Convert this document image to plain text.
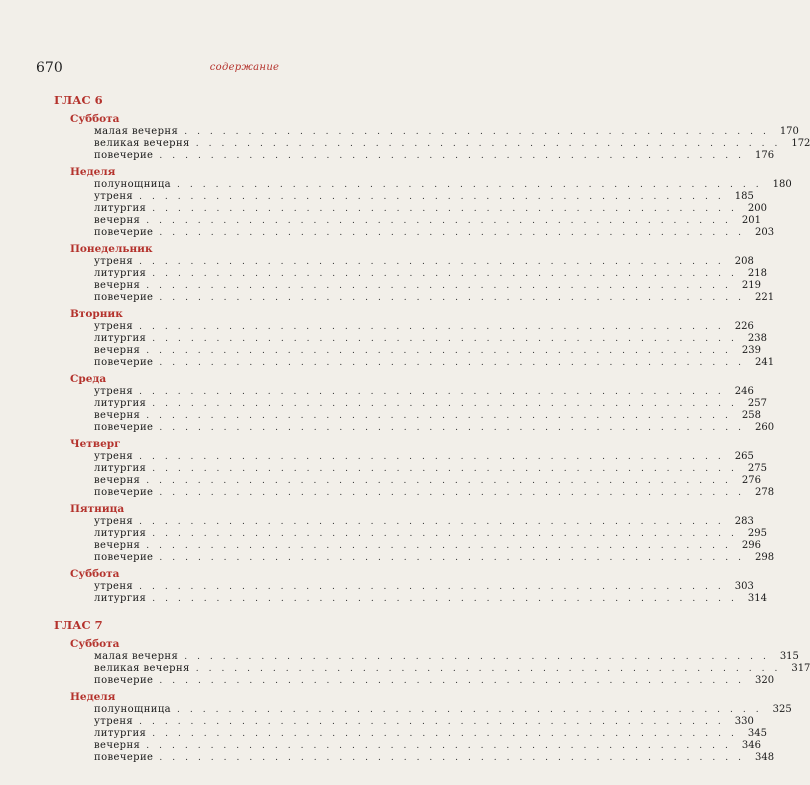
670	содержание
ГЛАС 6
Суббота
малая вечерня .............................................. 170
великая вечерня .............................................. 172
повечерие .............................................. 176
Неделя
полунощница .............................................. 180
утреня .............................................. 185
литургия .............................................. 200
вечерня .............................................. 201
повечерие .............................................. 203
Понедельник
утреня .............................................. 208
литургия .............................................. 218
вечерня .............................................. 219
повечерие .............................................. 221
Вторник
утреня .............................................. 226
литургия .............................................. 238
вечерня .............................................. 239
повечерие .............................................. 241
Среда
утреня .............................................. 246
литургия .............................................. 257
вечерня .............................................. 258
повечерие .............................................. 260
Четверг
утреня .............................................. 265
литургия .............................................. 275
вечерня .............................................. 276
повечерие .............................................. 278
Пятница
утреня .............................................. 283
литургия .............................................. 295
вечерня .............................................. 296
повечерие .............................................. 298
Суббота
утреня .............................................. 303
литургия .............................................. 314
ГЛАС 7
Суббота
малая вечерня .............................................. 315
великая вечерня .............................................. 317
повечерие .............................................. 320
Неделя
полунощница .............................................. 325
утреня .............................................. 330
литургия .............................................. 345
вечерня .............................................. 346
повечерие .............................................. 348
